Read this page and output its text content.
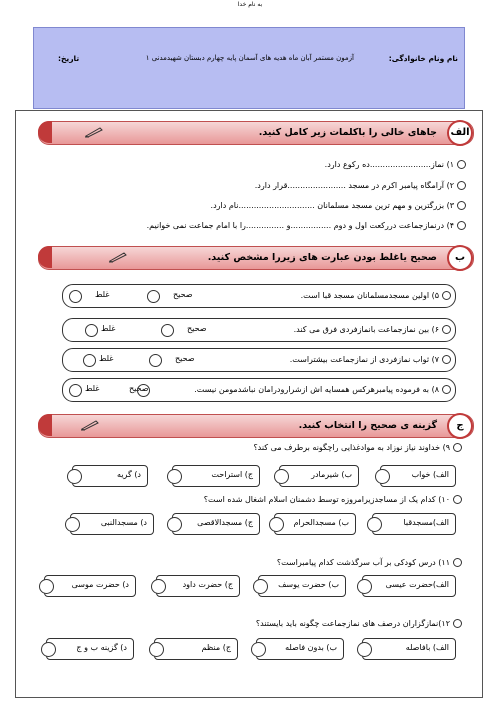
به نام خدا
نام ونام خانوادگی:
آزمون مستمر آبان ماه هدیه های آسمان پایه چهارم دبستان شهیدمدنی ۱
تاریخ:
جاهای خالی را باکلمات زیر کامل کنید.	الف
۱) نماز........................ده رکوع دارد.
۲) آرامگاه پیامبر اکرم در مسجد .......................قرار دارد.
۳) بزرگترین و مهم ترین مسجد مسلمانان ..............................نام دارد.
۴) درنمازجماعت دررکعت اول و دوم ................و ...............را با امام جماعت نمی خوانیم.
صحیح یاغلط بودن عبارت های زیررا مشخص کنید.	ب
۵) اولین مسجدمسلمانان مسجد قبا است.
صحیح
غلط
۶) بین نمازجماعت بانمازفردی فرق می کند.
صحیح
غلط
۷) ثواب نمازفردی از نمازجماعت بیشتراست.
صحیح
غلط
۸) به فرموده پیامبرهرکس همسایه اش ازشرارودرامان نباشدمومن نیست.
صحیح
غلط
گزینه ی صحیح را انتخاب کنید.	ج
۹) خداوند نیاز نوزاد به موادغذایی راچگونه برطرف می کند؟
الف) خواب
ب) شیرمادر
ج) استراحت
د) گریه
۱۰) کدام یک از مساجدزیرامروزه توسط دشمنان اسلام اشغال شده است؟
الف)مسجدقبا
ب) مسجدالحرام
ج) مسجدالاقصی
د) مسجدالنبی
۱۱) درس کودکی بر آب سرگذشت کدام پیامبراست؟
الف)حضرت عیسی
ب) حضرت یوسف
ج) حضرت داود
د) حضرت موسی
۱۲)نمازگزاران درصف های نمازجماعت چگونه باید بایستند؟
الف) بافاصله
ب) بدون فاصله
ج) منظم
د) گزینه ب و ج
